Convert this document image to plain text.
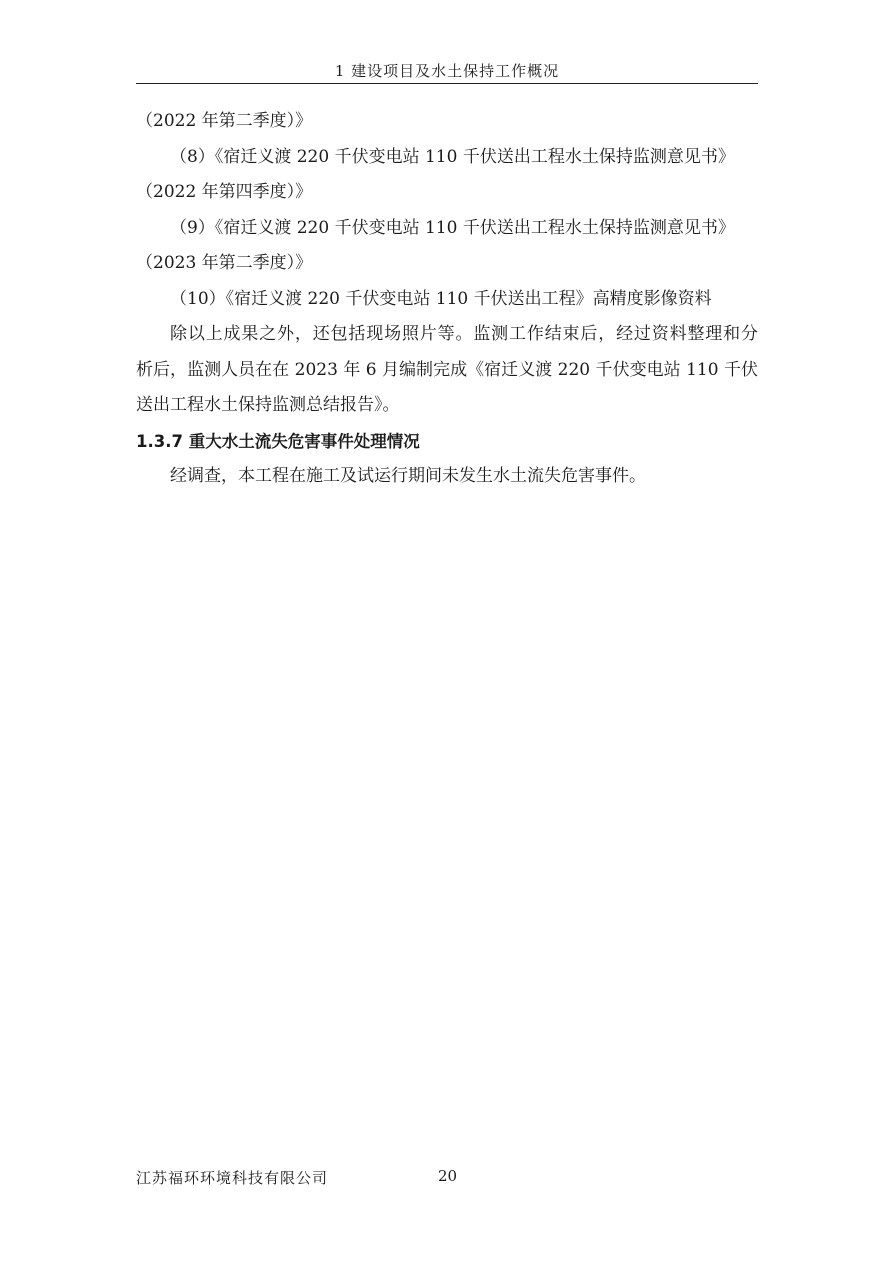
1 建设项目及水土保持工作概况
（2022 年第二季度）》
（8）《宿迁义渡 220 千伏变电站 110 千伏送出工程水土保持监测意见书》
（2022 年第四季度）》
（9）《宿迁义渡 220 千伏变电站 110 千伏送出工程水土保持监测意见书》
（2023 年第二季度）》
（10）《宿迁义渡 220 千伏变电站 110 千伏送出工程》高精度影像资料
除以上成果之外，还包括现场照片等。监测工作结束后，经过资料整理和分
析后，监测人员在在 2023 年 6 月编制完成《宿迁义渡 220 千伏变电站 110 千伏
送出工程水土保持监测总结报告》。
1.3.7 重大水土流失危害事件处理情况
经调查，本工程在施工及试运行期间未发生水土流失危害事件。
江苏福环环境科技有限公司	20
